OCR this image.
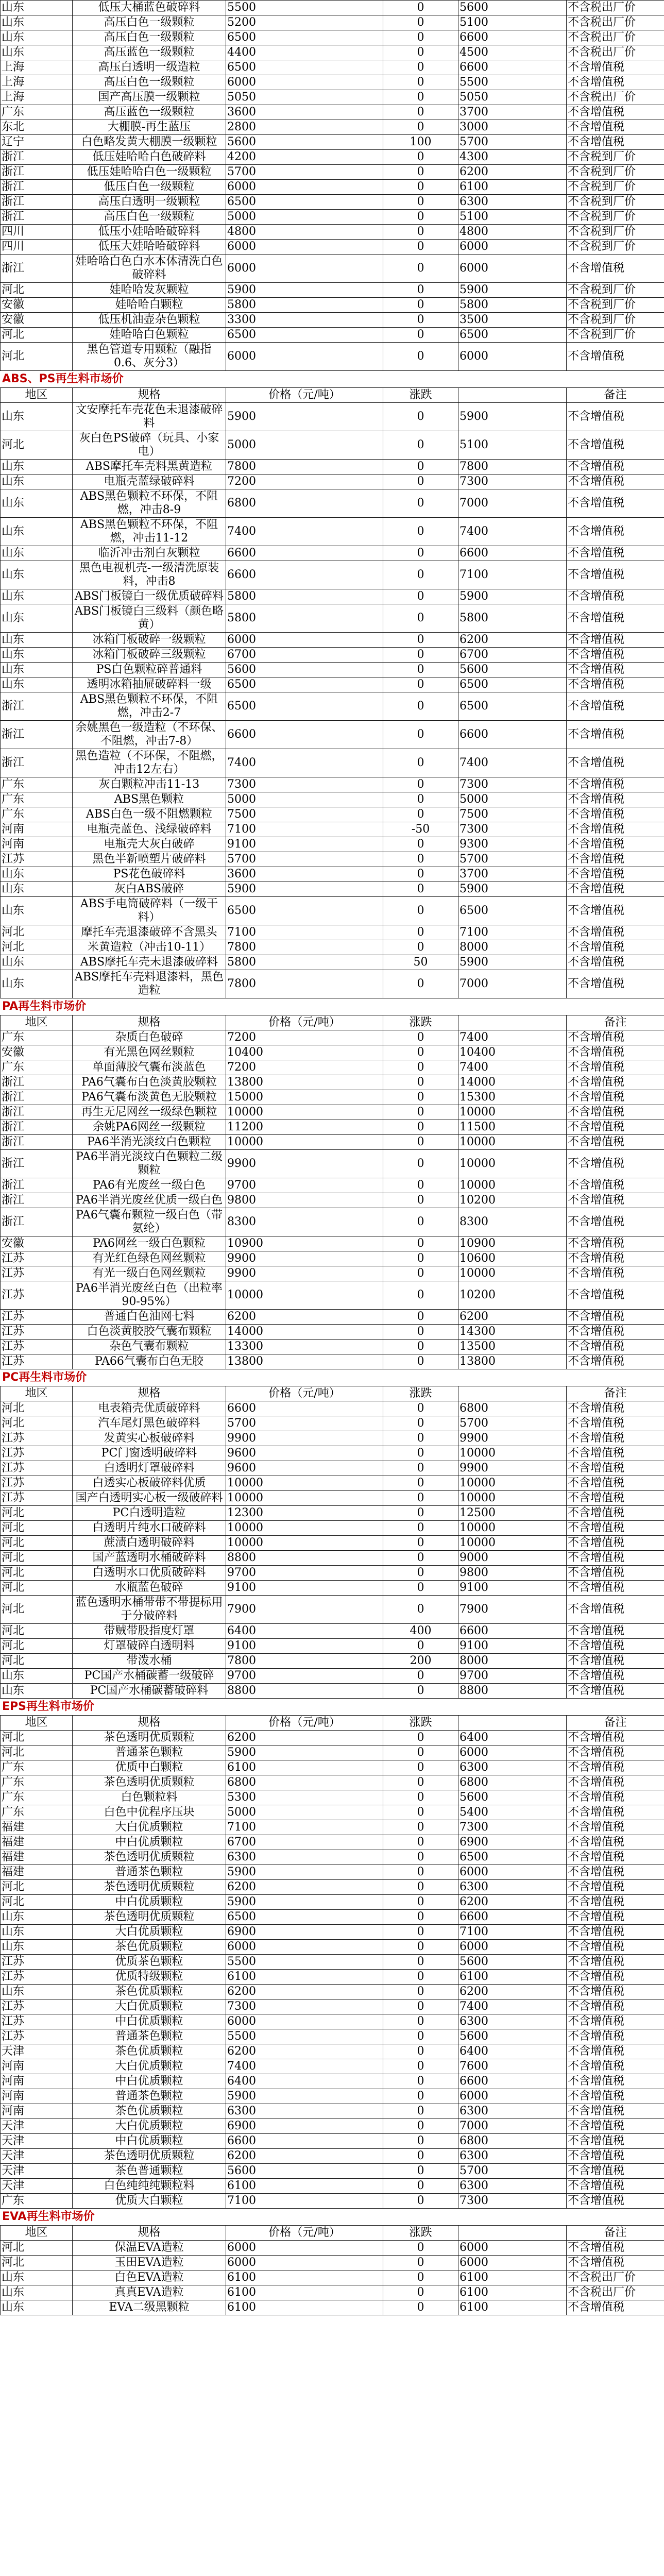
山东	低压大桶蓝色破碎料	5500	0	5600	不含税出厂价
山东	高压白色一级颗粒	5200	0	5100	不含税出厂价
山东	高压白色一级颗粒	6500	0	6600	不含税出厂价
山东	高压蓝色一级颗粒	4400	0	4500	不含税出厂价
上海	高压白透明一级造粒	6500	0	6600	不含增值税
上海	高压白色一级颗粒	6000	0	5500	不含增值税
上海	国产高压膜一级颗粒	5050	0	5050	不含税出厂价
广东	高压蓝色一级颗粒	3600	0	3700	不含增值税
东北	大棚膜-再生蓝压	2800	0	3000	不含增值税
辽宁	白色略发黄大棚膜一级颗粒	5600	100	5700	不含增值税
浙江	低压娃哈哈白色破碎料	4200	0	4300	不含税到厂价
浙江	低压娃哈哈白色一级颗粒	5700	0	6200	不含税到厂价
浙江	低压白色一级颗粒	6000	0	6100	不含税到厂价
浙江	高压白透明一级颗粒	6500	0	6300	不含税到厂价
浙江	高压白色一级颗粒	5000	0	5100	不含税到厂价
四川	低压小娃哈哈破碎料	4800	0	4800	不含税到厂价
四川	低压大娃哈哈破碎料	6000	0	6000	不含税到厂价
浙江	娃哈哈白色白水本体清洗白色破碎料	6000	0	6000	不含增值税
河北	娃哈哈发灰颗粒	5900	0	5900	不含税到厂价
安徽	娃哈哈白颗粒	5800	0	5800	不含税到厂价
安徽	低压机油壶杂色颗粒	3300	0	3500	不含税到厂价
河北	娃哈哈白色颗粒	6500	0	6500	不含税到厂价
河北	黑色管道专用颗粒（融指0.6、灰分3）	6000	0	6000	不含增值税
ABS、PS再生料市场价
地区	规格	价格（元/吨）	涨跌		备注
山东	文安摩托车壳花色未退漆破碎料	5900	0	5900	不含增值税
河北	灰白色PS破碎（玩具、小家电）	5000	0	5100	不含增值税
山东	ABS摩托车壳料黑黄造粒	7800	0	7800	不含增值税
山东	电瓶壳蓝绿破碎料	7200	0	7300	不含增值税
山东	ABS黑色颗粒不环保，不阻燃，冲击8-9	6800	0	7000	不含增值税
山东	ABS黑色颗粒不环保，不阻燃，冲击11-12	7400	0	7400	不含增值税
山东	临沂冲击剂白灰颗粒	6600	0	6600	不含增值税
山东	黑色电视机壳-一级清洗原装料，冲击8	6600	0	7100	不含增值税
山东	ABS门板镜白一级优质破碎料	5800	0	5900	不含增值税
山东	ABS门板镜白三级料（颜色略黄）	5800	0	5800	不含增值税
山东	冰箱门板破碎一级颗粒	6000	0	6200	不含增值税
山东	冰箱门板破碎三级颗粒	6700	0	6700	不含增值税
山东	PS白色颗粒碎普通料	5600	0	5600	不含增值税
山东	透明冰箱抽屉破碎料一级	6500	0	6500	不含增值税
浙江	ABS黑色颗粒不环保，不阻燃，冲击2-7	6500	0	6500	不含增值税
浙江	余姚黑色一级造粒（不环保、不阻燃，冲击7-8）	6600	0	6600	不含增值税
浙江	黑色造粒（不环保，不阻燃，冲击12左右）	7400	0	7400	不含增值税
广东	灰白颗粒冲击11-13	7300	0	7300	不含增值税
广东	ABS黑色颗粒	5000	0	5000	不含增值税
广东	ABS白色一级不阻燃颗粒	7500	0	7500	不含增值税
河南	电瓶壳蓝色、浅绿破碎料	7100	-50	7300	不含增值税
河南	电瓶壳大灰白破碎	9100	0	9300	不含增值税
江苏	黑色半新喷塑片破碎料	5700	0	5700	不含增值税
山东	PS花色破碎料	3600	0	3700	不含增值税
山东	灰白ABS破碎	5900	0	5900	不含增值税
山东	ABS手电筒破碎料（一级干料）	6500	0	6500	不含增值税
河北	摩托车壳退漆破碎不含黑头	7100	0	7100	不含增值税
河北	米黄造粒（冲击10-11）	7800	0	8000	不含增值税
山东	ABS摩托车壳未退漆破碎料	5800	50	5900	不含增值税
山东	ABS摩托车壳料退漆料，黑色造粒	7800	0	7000	不含增值税
PA再生料市场价
地区	规格	价格（元/吨）	涨跌		备注
广东	杂质白色破碎	7200	0	7400	不含增值税
安徽	有光黑色网丝颗粒	10400	0	10400	不含增值税
广东	单面薄胶气囊布淡蓝色	7200	0	7400	不含增值税
浙江	PA6气囊布白色淡黄胶颗粒	13800	0	14000	不含增值税
浙江	PA6气囊布淡黄色无胶颗粒	15000	0	15300	不含增值税
浙江	再生无尼网丝一级绿色颗粒	10000	0	10000	不含增值税
浙江	余姚PA6网丝一级颗粒	11200	0	11500	不含增值税
浙江	PA6半消光淡纹白色颗粒	10000	0	10000	不含增值税
浙江	PA6半消光淡纹白色颗粒二级颗粒	9900	0	10000	不含增值税
浙江	PA6有光废丝一级白色	9700	0	10000	不含增值税
浙江	PA6半消光废丝优质一级白色	9800	0	10200	不含增值税
浙江	PA6气囊布颗粒一级白色（带氨纶）	8300	0	8300	不含增值税
安徽	PA6网丝一级白色颗粒	10900	0	10900	不含增值税
江苏	有光红色绿色网丝颗粒	9900	0	10600	不含增值税
江苏	有光一级白色网丝颗粒	9900	0	10000	不含增值税
江苏	PA6半消光废丝白色（出粒率90-95%）	10000	0	10200	不含增值税
江苏	普通白色油网七料	6200	0	6200	不含增值税
江苏	白色淡黄胶胶气囊布颗粒	14000	0	14300	不含增值税
江苏	杂色气囊布颗粒	13300	0	13500	不含增值税
江苏	PA66气囊布白色无胶	13800	0	13800	不含增值税
PC再生料市场价
地区	规格	价格（元/吨）	涨跌		备注
河北	电表箱壳优质破碎料	6600	0	6800	不含增值税
河北	汽车尾灯黑色破碎料	5700	0	5700	不含增值税
江苏	发黄实心板破碎料	9900	0	9900	不含增值税
江苏	PC门窗透明破碎料	9600	0	10000	不含增值税
江苏	白透明灯罩破碎料	9600	0	9900	不含增值税
江苏	白透实心板破碎料优质	10000	0	10000	不含增值税
江苏	国产白透明实心板一级破碎料	10000	0	10000	不含增值税
河北	PC白透明造粒	12300	0	12500	不含增值税
河北	白透明片纯水口破碎料	10000	0	10000	不含增值税
河北	蔗渍白透明破碎料	10000	0	10000	不含增值税
河北	国产蓝透明水桶破碎料	8800	0	9000	不含增值税
河北	白透明水口优质破碎料	9700	0	9800	不含增值税
河北	水瓶蓝色破碎	9100	0	9100	不含增值税
河北	蓝色透明水桶带带不带提标用于分破碎料	7900	0	7900	不含增值税
河北	带贼带股指度灯罩	6400	400	6600	不含增值税
河北	灯罩破碎白透明料	9100	0	9100	不含增值税
河北	带泼水桶	7800	200	8000	不含增值税
山东	PC国产水桶碳蓄一级破碎	9700	0	9700	不含增值税
山东	PC国产水桶碳蓄破碎料	8800	0	8800	不含增值税
EPS再生料市场价
地区	规格	价格（元/吨）	涨跌		备注
河北	茶色透明优质颗粒	6200	0	6400	不含增值税
河北	普通茶色颗粒	5900	0	6000	不含增值税
广东	优质中白颗粒	6100	0	6300	不含增值税
广东	茶色透明优质颗粒	6800	0	6800	不含增值税
广东	白色颗粒料	5300	0	5600	不含增值税
广东	白色中优程序压块	5000	0	5400	不含增值税
福建	大白优质颗粒	7100	0	7300	不含增值税
福建	中白优质颗粒	6700	0	6900	不含增值税
福建	茶色透明优质颗粒	6300	0	6500	不含增值税
福建	普通茶色颗粒	5900	0	6000	不含增值税
河北	茶色透明优质颗粒	6200	0	6300	不含增值税
河北	中白优质颗粒	5900	0	6200	不含增值税
山东	茶色透明优质颗粒	6500	0	6600	不含增值税
山东	大白优质颗粒	6900	0	7100	不含增值税
山东	茶色优质颗粒	6000	0	6000	不含增值税
江苏	优质茶色颗粒	5500	0	5600	不含增值税
江苏	优质特级颗粒	6100	0	6100	不含增值税
山东	茶色优质颗粒	6200	0	6200	不含增值税
江苏	大白优质颗粒	7300	0	7400	不含增值税
江苏	中白优质颗粒	6000	0	6300	不含增值税
江苏	普通茶色颗粒	5500	0	5600	不含增值税
天津	茶色优质颗粒	6200	0	6400	不含增值税
河南	大白优质颗粒	7400	0	7600	不含增值税
河南	中白优质颗粒	6400	0	6600	不含增值税
河南	普通茶色颗粒	5900	0	6000	不含增值税
河南	茶色优质颗粒	6300	0	6300	不含增值税
天津	大白优质颗粒	6900	0	7000	不含增值税
天津	中白优质颗粒	6600	0	6800	不含增值税
天津	茶色透明优质颗粒	6200	0	6300	不含增值税
天津	茶色普通颗粒	5600	0	5700	不含增值税
天津	白色纯纯纯颗粒料	6100	0	6300	不含增值税
广东	优质大白颗粒	7100	0	7300	不含增值税
EVA再生料市场价
地区	规格	价格（元/吨）	涨跌		备注
河北	保温EVA造粒	6000	0	6000	不含增值税
河北	玉田EVA造粒	6000	0	6000	不含增值税
山东	白色EVA造粒	6100	0	6100	不含税出厂价
山东	真真EVA造粒	6100	0	6100	不含税出厂价
山东	EVA二级黑颗粒	6100	0	6100	不含增值税
